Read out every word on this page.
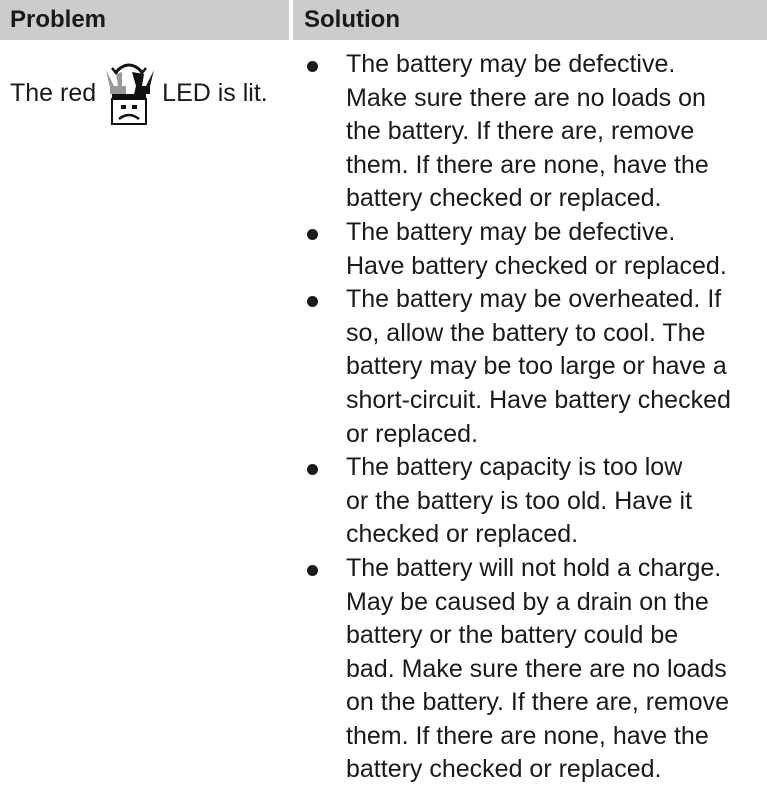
Problem	Solution
The red	LED is lit.
The battery may be defective.
Make sure there are no loads on
the battery. If there are, remove
them. If there are none, have the
battery checked or replaced.
The battery may be defective.
Have battery checked or replaced.
The battery may be overheated. If
so, allow the battery to cool. The
battery may be too large or have a
short-circuit. Have battery checked
or replaced.
The battery capacity is too low
or the battery is too old. Have it
checked or replaced.
The battery will not hold a charge.
May be caused by a drain on the
battery or the battery could be
bad. Make sure there are no loads
on the battery. If there are, remove
them. If there are none, have the
battery checked or replaced.
